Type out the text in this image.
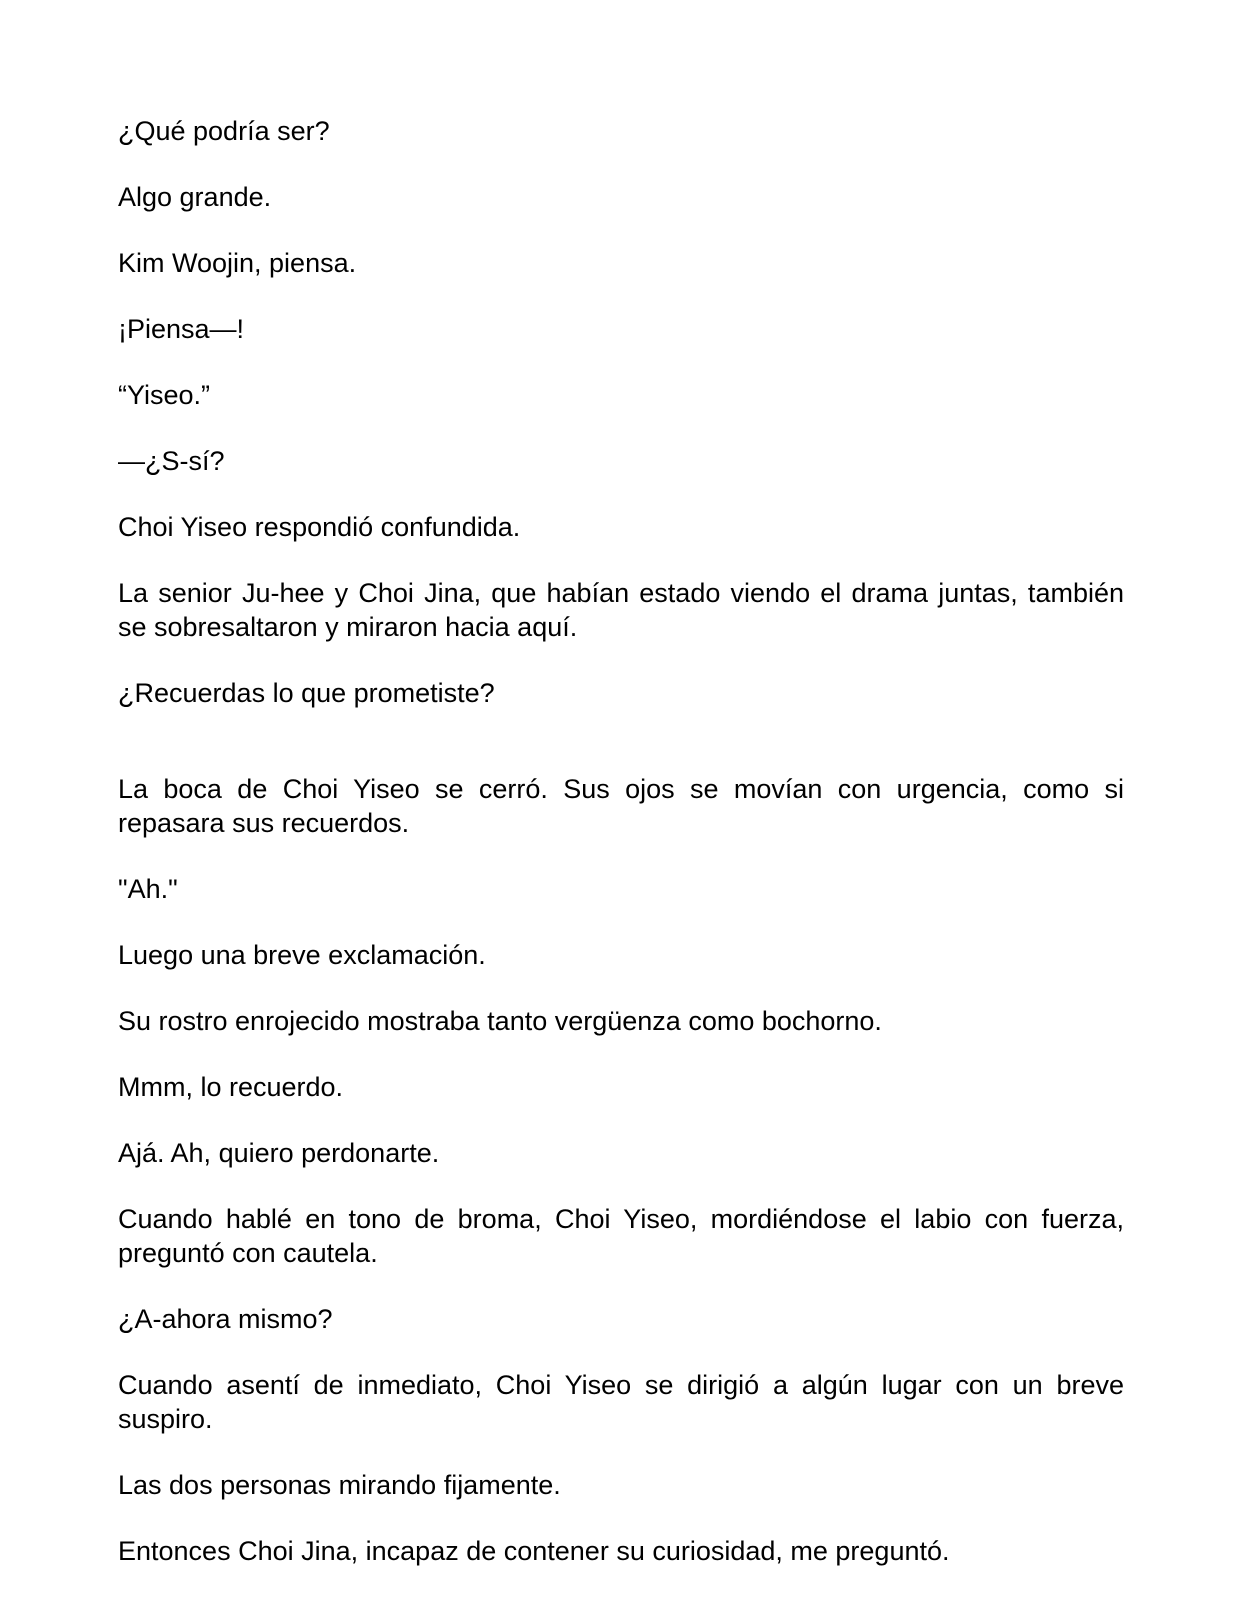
¿Qué podría ser?

Algo grande.

Kim Woojin, piensa.

¡Piensa—!

“Yiseo.”

—¿S-sí?

Choi Yiseo respondió confundida.

La senior Ju-hee y Choi Jina, que habían estado viendo el drama juntas, también se sobresaltaron y miraron hacia aquí.

¿Recuerdas lo que prometiste?

La boca de Choi Yiseo se cerró. Sus ojos se movían con urgencia, como si repasara sus recuerdos.

"Ah."

Luego una breve exclamación.

Su rostro enrojecido mostraba tanto vergüenza como bochorno.

Mmm, lo recuerdo.

Ajá. Ah, quiero perdonarte.

Cuando hablé en tono de broma, Choi Yiseo, mordiéndose el labio con fuerza, preguntó con cautela.

¿A-ahora mismo?

Cuando asentí de inmediato, Choi Yiseo se dirigió a algún lugar con un breve suspiro.

Las dos personas mirando fijamente.

Entonces Choi Jina, incapaz de contener su curiosidad, me preguntó.
